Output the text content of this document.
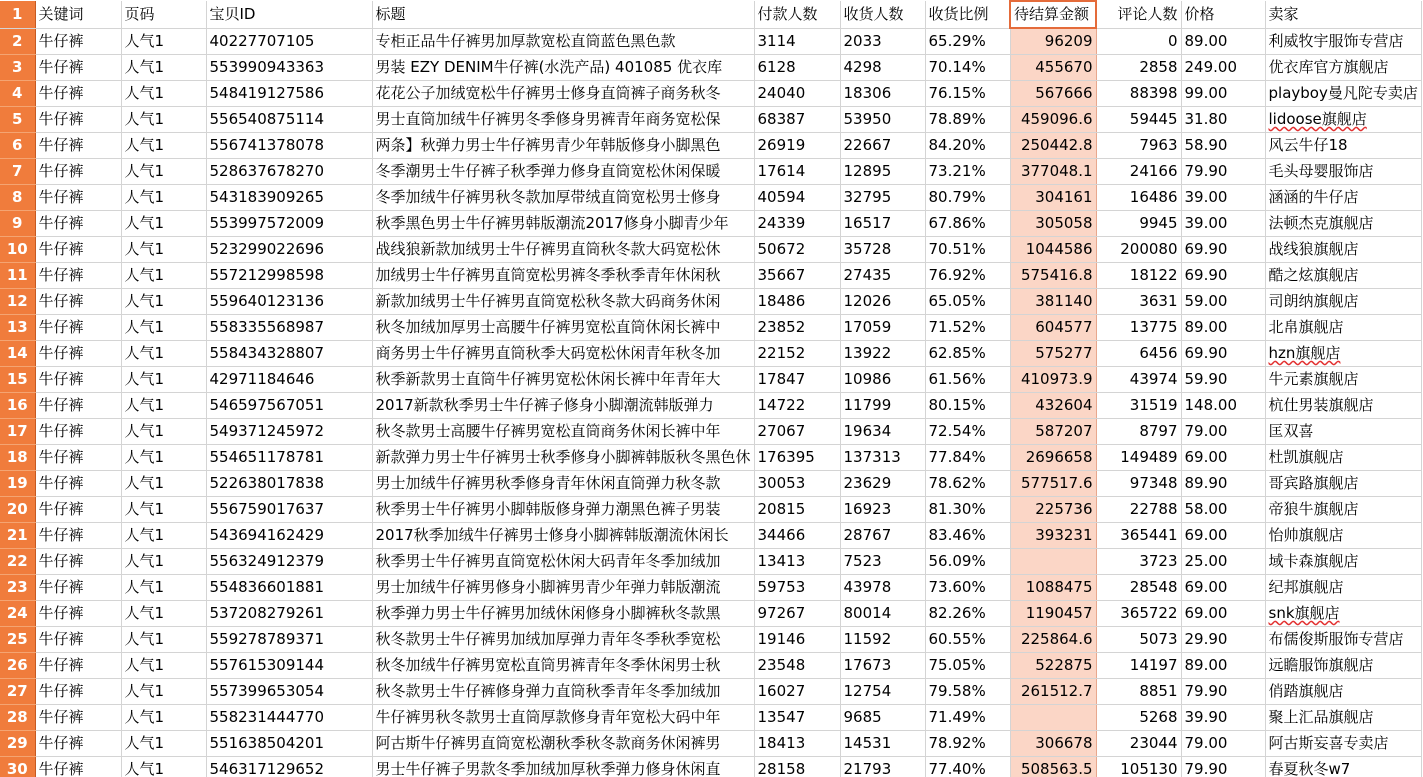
1	关键词	页码	宝贝ID	标题	付款人数	收货人数	收货比例	待结算金额	评论人数	价格	卖家
2	牛仔裤	人气1	40227707105	专柜正品牛仔裤男加厚款宽松直筒蓝色黑色款	3114	2033	65.29%	96209	0	89.00	利威牧宇服饰专营店
3	牛仔裤	人气1	553990943363	男装 EZY DENIM牛仔裤(水洗产品) 401085 优衣库	6128	4298	70.14%	455670	2858	249.00	优衣库官方旗舰店
4	牛仔裤	人气1	548419127586	花花公子加绒宽松牛仔裤男士修身直筒裤子商务秋冬	24040	18306	76.15%	567666	88398	99.00	playboy曼凡陀专卖店
5	牛仔裤	人气1	556540875114	男士直筒加绒牛仔裤男冬季修身男裤青年商务宽松保	68387	53950	78.89%	459096.6	59445	31.80	lidoose旗舰店
6	牛仔裤	人气1	556741378078	两条】秋弹力男士牛仔裤男青少年韩版修身小脚黑色	26919	22667	84.20%	250442.8	7963	58.90	风云牛仔18
7	牛仔裤	人气1	528637678270	冬季潮男士牛仔裤子秋季弹力修身直筒宽松休闲保暖	17614	12895	73.21%	377048.1	24166	79.90	毛头母婴服饰店
8	牛仔裤	人气1	543183909265	冬季加绒牛仔裤男秋冬款加厚带绒直筒宽松男士修身	40594	32795	80.79%	304161	16486	39.00	涵涵的牛仔店
9	牛仔裤	人气1	553997572009	秋季黑色男士牛仔裤男韩版潮流2017修身小脚青少年	24339	16517	67.86%	305058	9945	39.00	法顿杰克旗舰店
10	牛仔裤	人气1	523299022696	战线狼新款加绒男士牛仔裤男直筒秋冬款大码宽松休	50672	35728	70.51%	1044586	200080	69.90	战线狼旗舰店
11	牛仔裤	人气1	557212998598	加绒男士牛仔裤男直筒宽松男裤冬季秋季青年休闲秋	35667	27435	76.92%	575416.8	18122	69.90	酷之炫旗舰店
12	牛仔裤	人气1	559640123136	新款加绒男士牛仔裤男直筒宽松秋冬款大码商务休闲	18486	12026	65.05%	381140	3631	59.00	司朗纳旗舰店
13	牛仔裤	人气1	558335568987	秋冬加绒加厚男士高腰牛仔裤男宽松直筒休闲长裤中	23852	17059	71.52%	604577	13775	89.00	北帛旗舰店
14	牛仔裤	人气1	558434328807	商务男士牛仔裤男直筒秋季大码宽松休闲青年秋冬加	22152	13922	62.85%	575277	6456	69.90	hzn旗舰店
15	牛仔裤	人气1	42971184646	秋季新款男士直筒牛仔裤男宽松休闲长裤中年青年大	17847	10986	61.56%	410973.9	43974	59.90	牛元素旗舰店
16	牛仔裤	人气1	546597567051	2017新款秋季男士牛仔裤子修身小脚潮流韩版弹力	14722	11799	80.15%	432604	31519	148.00	杭仕男装旗舰店
17	牛仔裤	人气1	549371245972	秋冬款男士高腰牛仔裤男宽松直筒商务休闲长裤中年	27067	19634	72.54%	587207	8797	79.00	匡双喜
18	牛仔裤	人气1	554651178781	新款弹力男士牛仔裤男士秋季修身小脚裤韩版秋冬黑色休	176395	137313	77.84%	2696658	149489	69.00	杜凯旗舰店
19	牛仔裤	人气1	522638017838	男士加绒牛仔裤男秋季修身青年休闲直筒弹力秋冬款	30053	23629	78.62%	577517.6	97348	89.90	哥宾路旗舰店
20	牛仔裤	人气1	556759017637	秋季男士牛仔裤男小脚韩版修身弹力潮黑色裤子男装	20815	16923	81.30%	225736	22788	58.00	帝狼牛旗舰店
21	牛仔裤	人气1	543694162429	2017秋季加绒牛仔裤男士修身小脚裤韩版潮流休闲长	34466	28767	83.46%	393231	365441	69.00	怡帅旗舰店
22	牛仔裤	人气1	556324912379	秋季男士牛仔裤男直筒宽松休闲大码青年冬季加绒加	13413	7523	56.09%		3723	25.00	域卡森旗舰店
23	牛仔裤	人气1	554836601881	男士加绒牛仔裤男修身小脚裤男青少年弹力韩版潮流	59753	43978	73.60%	1088475	28548	69.00	纪邦旗舰店
24	牛仔裤	人气1	537208279261	秋季弹力男士牛仔裤男加绒休闲修身小脚裤秋冬款黑	97267	80014	82.26%	1190457	365722	69.00	snk旗舰店
25	牛仔裤	人气1	559278789371	秋冬款男士牛仔裤男加绒加厚弹力青年冬季秋季宽松	19146	11592	60.55%	225864.6	5073	29.90	布儒俊斯服饰专营店
26	牛仔裤	人气1	557615309144	秋冬加绒牛仔裤男宽松直筒男裤青年冬季休闲男士秋	23548	17673	75.05%	522875	14197	89.00	远瞻服饰旗舰店
27	牛仔裤	人气1	557399653054	秋冬款男士牛仔裤修身弹力直筒秋季青年冬季加绒加	16027	12754	79.58%	261512.7	8851	79.90	俏踏旗舰店
28	牛仔裤	人气1	558231444770	牛仔裤男秋冬款男士直筒厚款修身青年宽松大码中年	13547	9685	71.49%		5268	39.90	聚上汇品旗舰店
29	牛仔裤	人气1	551638504201	阿古斯牛仔裤男直筒宽松潮秋季秋冬款商务休闲裤男	18413	14531	78.92%	306678	23044	79.00	阿古斯妄喜专卖店
30	牛仔裤	人气1	546317129652	男士牛仔裤子男款冬季加绒加厚秋季弹力修身休闲直	28158	21793	77.40%	508563.5	105130	79.90	春夏秋冬w7
